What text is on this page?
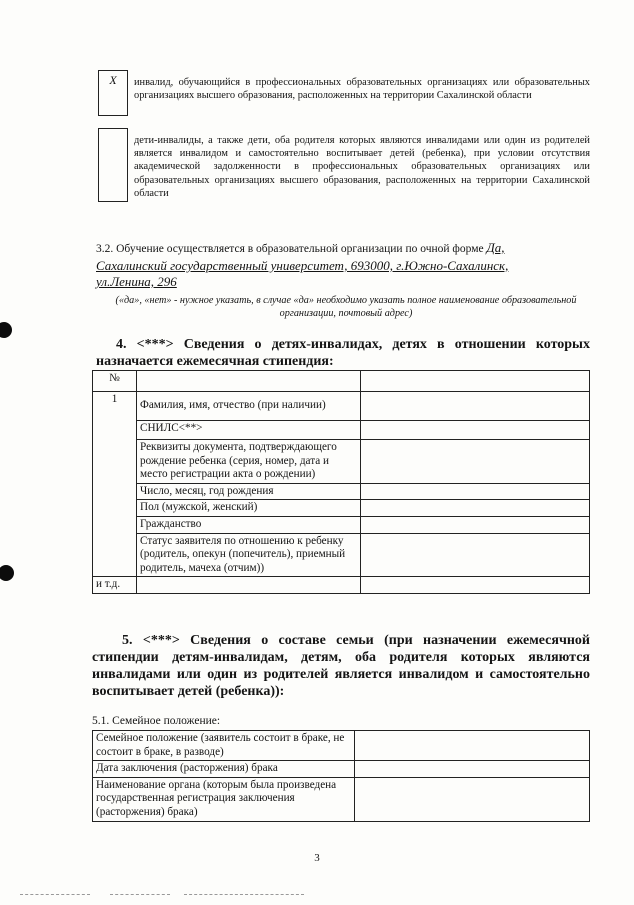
X	инвалид, обучающийся в профессиональных образовательных организациях или образовательных организациях высшего образования, расположенных на территории Сахалинской области
дети-инвалиды, а также дети, оба родителя которых являются инвалидами или один из родителей является инвалидом и самостоятельно воспитывает детей (ребенка), при условии отсутствия академической задолженности в профессиональных образовательных организациях или образовательных организациях высшего образования, расположенных на территории Сахалинской области
3.2. Обучение осуществляется в образовательной организации по очной форме Да,
Сахалинский государственный университет, 693000, г.Южно-Сахалинск,
ул.Ленина, 296
(«да», «нет» - нужное указать, в случае «да» необходимо указать полное наименование образовательной организации, почтовый адрес)
4. <***> Сведения о детях-инвалидах, детях в отношении которых назначается ежемесячная стипендия:
№		
1	Фамилия, имя, отчество (при наличии)	
	СНИЛС<**>	
	Реквизиты документа, подтверждающего рождение ребенка (серия, номер, дата и место регистрации акта о рождении)	
	Число, месяц, год рождения	
	Пол (мужской, женский)	
	Гражданство	
	Статус заявителя по отношению к ребенку (родитель, опекун (попечитель), приемный родитель, мачеха (отчим))	
и т.д.		
5. <***> Сведения о составе семьи (при назначении ежемесячной стипендии детям-инвалидам, детям, оба родителя которых являются инвалидами или один из родителей является инвалидом и самостоятельно воспитывает детей (ребенка)):
5.1. Семейное положение:
Семейное положение (заявитель состоит в браке, не состоит в браке, в разводе)	
Дата заключения (расторжения) брака	
Наименование органа (которым была произведена государственная регистрация заключения (расторжения) брака)	
3
